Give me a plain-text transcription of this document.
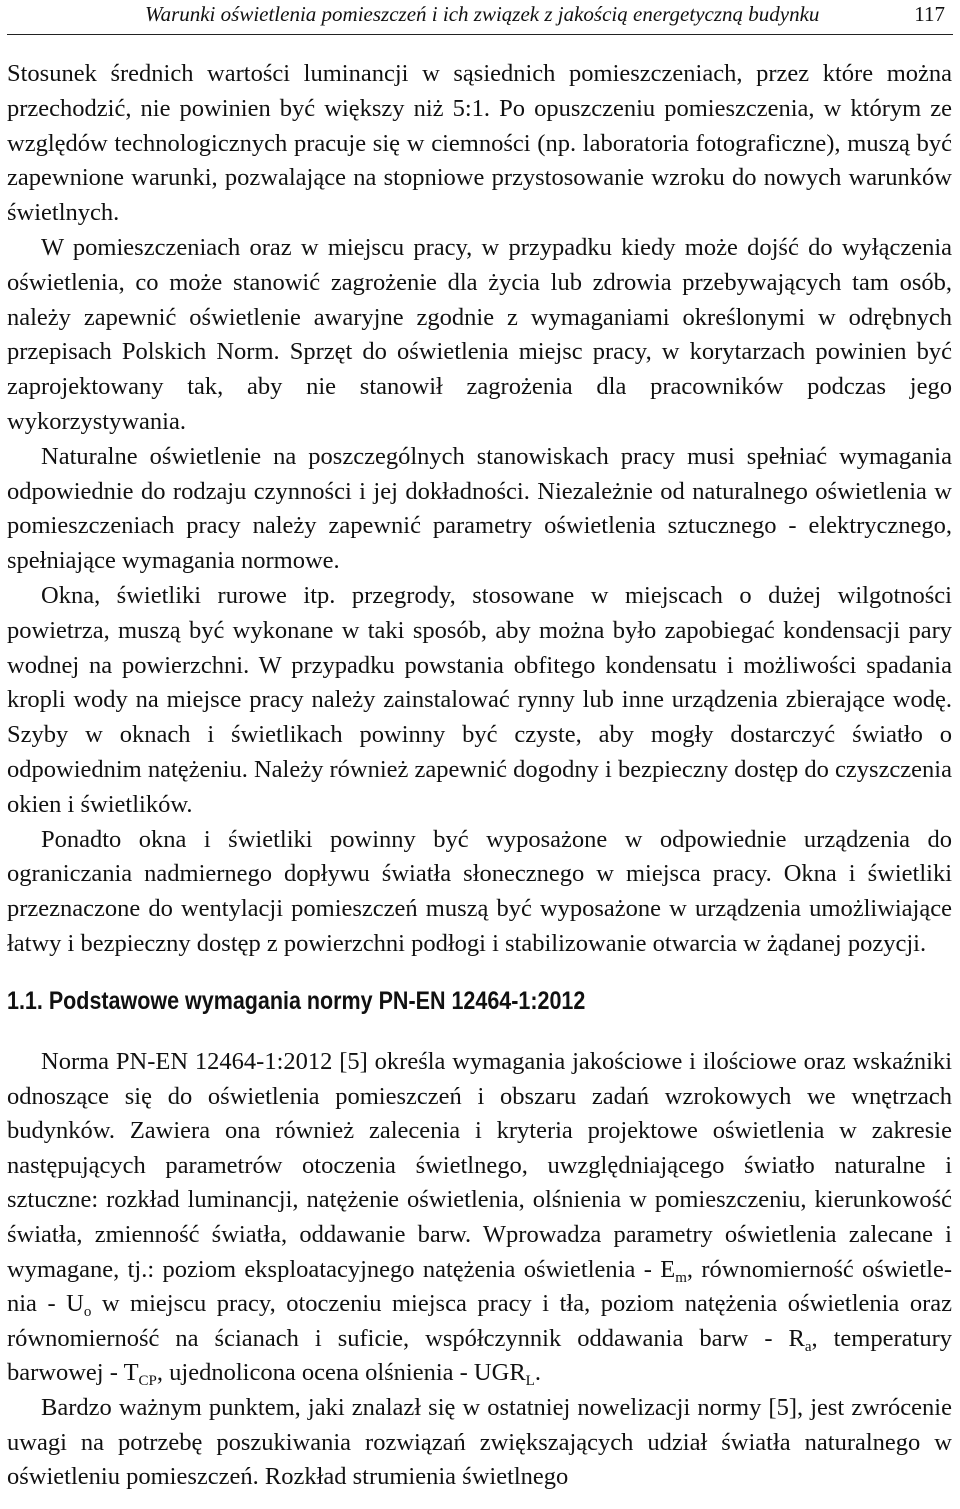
Warunki oświetlenia pomieszczeń i ich związek z jakością energetyczną budynku	117

Stosunek średnich wartości luminancji w sąsiednich pomieszczeniach, przez które można przechodzić, nie powinien być większy niż 5:1. Po opuszczeniu pomieszczenia, w którym ze względów technologicznych pracuje się w ciemności (np. laboratoria fotograficzne), muszą być zapewnione warunki, pozwalające na stopniowe przystosowanie wzroku do nowych warunków świetlnych.

W pomieszczeniach oraz w miejscu pracy, w przypadku kiedy może dojść do wyłączenia oświetlenia, co może stanowić zagrożenie dla życia lub zdrowia przebywających tam osób, należy zapewnić oświetlenie awaryjne zgodnie z wymaganiami określonymi w odrębnych przepisach Polskich Norm. Sprzęt do oświetlenia miejsc pracy, w korytarzach powinien być zaprojektowany tak, aby nie stanowił zagrożenia dla pracowników podczas jego wykorzystywania.

Naturalne oświetlenie na poszczególnych stanowiskach pracy musi spełniać wymagania odpowiednie do rodzaju czynności i jej dokładności. Niezależnie od naturalnego oświetlenia w pomieszczeniach pracy należy zapewnić parametry oświetlenia sztucznego - elektrycznego, spełniające wymagania normowe.

Okna, świetliki rurowe itp. przegrody, stosowane w miejscach o dużej wilgotności powietrza, muszą być wykonane w taki sposób, aby można było zapobiegać kondensacji pary wodnej na powierzchni. W przypadku powstania obfitego kondensatu i możliwości spadania kropli wody na miejsce pracy należy zainstalować rynny lub inne urządzenia zbierające wodę. Szyby w oknach i świetlikach powinny być czyste, aby mogły dostarczyć światło o odpowiednim natężeniu. Należy również zapewnić dogodny i bezpieczny dostęp do czyszczenia okien i świetlików.

Ponadto okna i świetliki powinny być wyposażone w odpowiednie urządzenia do ograniczania nadmiernego dopływu światła słonecznego w miejsca pracy. Okna i świetliki przeznaczone do wentylacji pomieszczeń muszą być wyposażone w urządzenia umożliwiające łatwy i bezpieczny dostęp z powierzchni podłogi i stabilizowanie otwarcia w żądanej pozycji.

1.1. Podstawowe wymagania normy PN-EN 12464-1:2012

Norma PN-EN 12464-1:2012 [5] określa wymagania jakościowe i ilościowe oraz wskaźniki odnoszące się do oświetlenia pomieszczeń i obszaru zadań wzrokowych we wnętrzach budynków. Zawiera ona również zalecenia i kryteria projektowe oświetlenia w zakresie następujących parametrów otoczenia świetlnego, uwzględniającego światło naturalne i sztuczne: rozkład luminancji, natężenie oświetlenia, olśnienia w pomieszczeniu, kierunkowość światła, zmienność światła, oddawanie barw. Wprowadza parametry oświetlenia zalecane i wymagane, tj.: poziom eksploatacyjnego natężenia oświetlenia - $E_m$, równomierność oświetlenia - $U_o$ w miejscu pracy, otoczeniu miejsca pracy i tła, poziom natężenia oświetlenia oraz równomierność na ścianach i suficie, współczynnik oddawania barw - $R_a$, temperatury barwowej - $T_{CP}$, ujednolicona ocena olśnienia - $UGR_L$.

Bardzo ważnym punktem, jaki znalazł się w ostatniej nowelizacji normy [5], jest zwrócenie uwagi na potrzebę poszukiwania rozwiązań zwiększających udział światła naturalnego w oświetleniu pomieszczeń. Rozkład strumienia świetlnego
